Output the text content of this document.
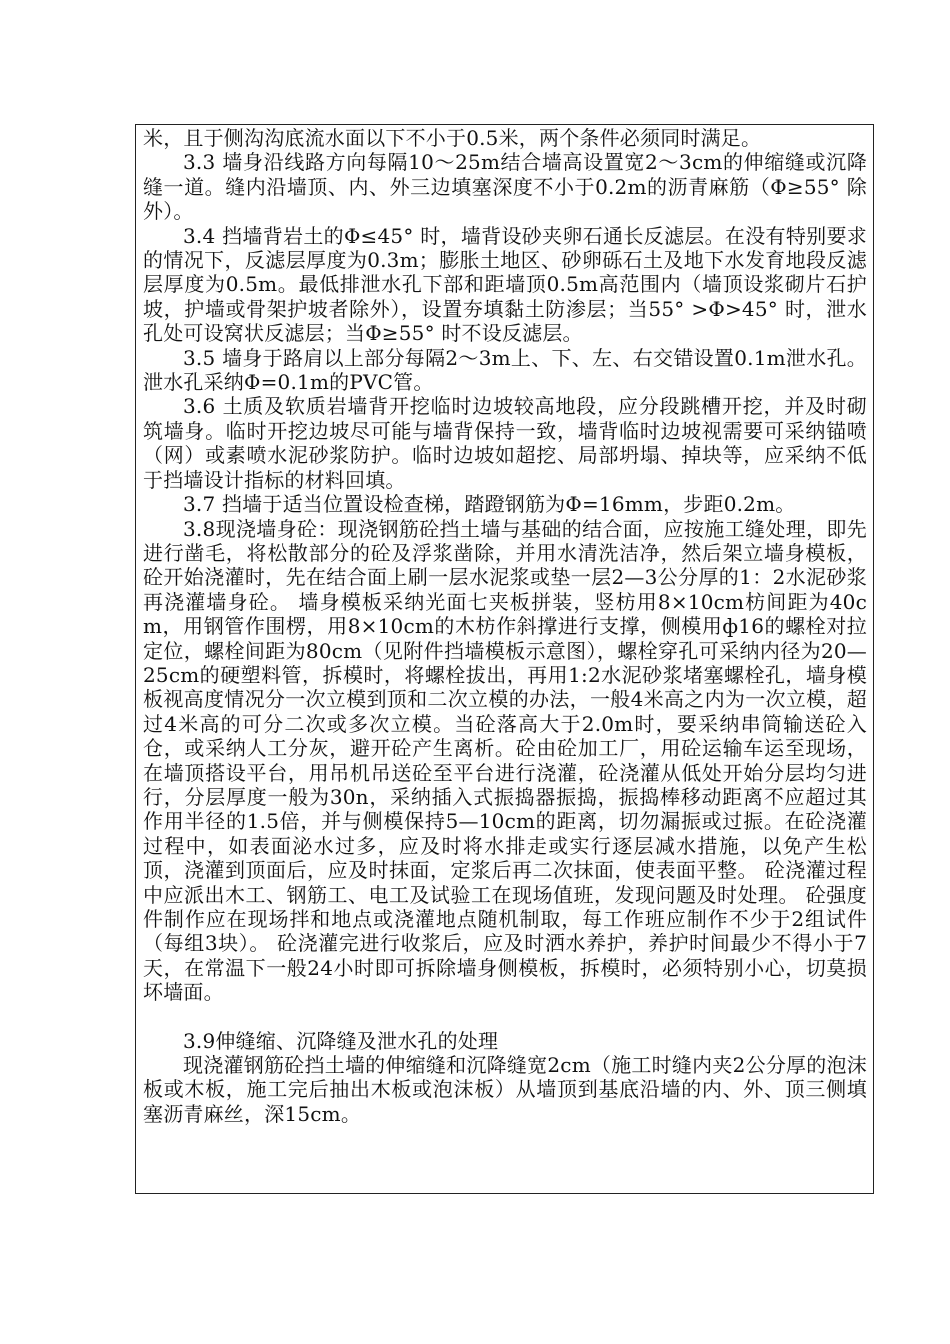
米，且于侧沟沟底流水面以下不小于0.5米，两个条件必须同时满足。

3.3 墙身沿线路方向每隔10～25m结合墙高设置宽2～3cm的伸缩缝或沉降缝一道。缝内沿墙顶、内、外三边填塞深度不小于0.2m的沥青麻筋（Φ≥55° 除外）。

3.4 挡墙背岩土的Φ≤45° 时，墙背设砂夹卵石通长反滤层。在没有特别要求的情况下，反滤层厚度为0.3m；膨胀土地区、砂卵砾石土及地下水发育地段反滤层厚度为0.5m。最低排泄水孔下部和距墙顶0.5m高范围内（墙顶设浆砌片石护坡，护墙或骨架护坡者除外），设置夯填黏土防渗层；当55° >Φ>45° 时，泄水孔处可设窝状反滤层；当Φ≥55° 时不设反滤层。

3.5 墙身于路肩以上部分每隔2～3m上、下、左、右交错设置0.1m泄水孔。泄水孔采纳Φ=0.1m的PVC管。

3.6 土质及软质岩墙背开挖临时边坡较高地段，应分段跳槽开挖，并及时砌筑墙身。临时开挖边坡尽可能与墙背保持一致，墙背临时边坡视需要可采纳锚喷（网）或素喷水泥砂浆防护。临时边坡如超挖、局部坍塌、掉块等，应采纳不低于挡墙设计指标的材料回填。

3.7 挡墙于适当位置设检查梯，踏蹬钢筋为Φ=16mm，步距0.2m。

3.8现浇墙身砼：现浇钢筋砼挡土墙与基础的结合面，应按施工缝处理，即先进行凿毛，将松散部分的砼及浮浆凿除，并用水清洗洁净，然后架立墙身模板，砼开始浇灌时，先在结合面上刷一层水泥浆或垫一层2—3公分厚的1：2水泥砂浆再浇灌墙身砼。 墙身模板采纳光面七夹板拼装，竖枋用8×10cm枋间距为40cm，用钢管作围楞，用8×10cm的木枋作斜撑进行支撑，侧模用ф16的螺栓对拉定位，螺栓间距为80cm（见附件挡墙模板示意图），螺栓穿孔可采纳内径为20—25cm的硬塑料管，拆模时，将螺栓拔出，再用1:2水泥砂浆堵塞螺栓孔，墙身模板视高度情况分一次立模到顶和二次立模的办法，一般4米高之内为一次立模，超过4米高的可分二次或多次立模。当砼落高大于2.0m时，要采纳串筒输送砼入仓，或采纳人工分灰，避开砼产生离析。砼由砼加工厂，用砼运输车运至现场，在墙顶搭设平台，用吊机吊送砼至平台进行浇灌，砼浇灌从低处开始分层均匀进行，分层厚度一般为30n，采纳插入式振捣器振捣，振捣棒移动距离不应超过其作用半径的1.5倍，并与侧模保持5—10cm的距离，切勿漏振或过振。在砼浇灌过程中，如表面泌水过多，应及时将水排走或实行逐层减水措施，以免产生松顶，浇灌到顶面后，应及时抹面，定浆后再二次抹面，使表面平整。 砼浇灌过程中应派出木工、钢筋工、电工及试验工在现场值班，发现问题及时处理。 砼强度件制作应在现场拌和地点或浇灌地点随机制取，每工作班应制作不少于2组试件（每组3块）。 砼浇灌完进行收浆后，应及时洒水养护，养护时间最少不得小于7天，在常温下一般24小时即可拆除墙身侧模板，拆模时，必须特别小心，切莫损坏墙面。

3.9伸缝缩、沉降缝及泄水孔的处理

现浇灌钢筋砼挡土墙的伸缩缝和沉降缝宽2cm（施工时缝内夹2公分厚的泡沫板或木板，施工完后抽出木板或泡沫板）从墙顶到基底沿墙的内、外、顶三侧填塞沥青麻丝，深15cm。
